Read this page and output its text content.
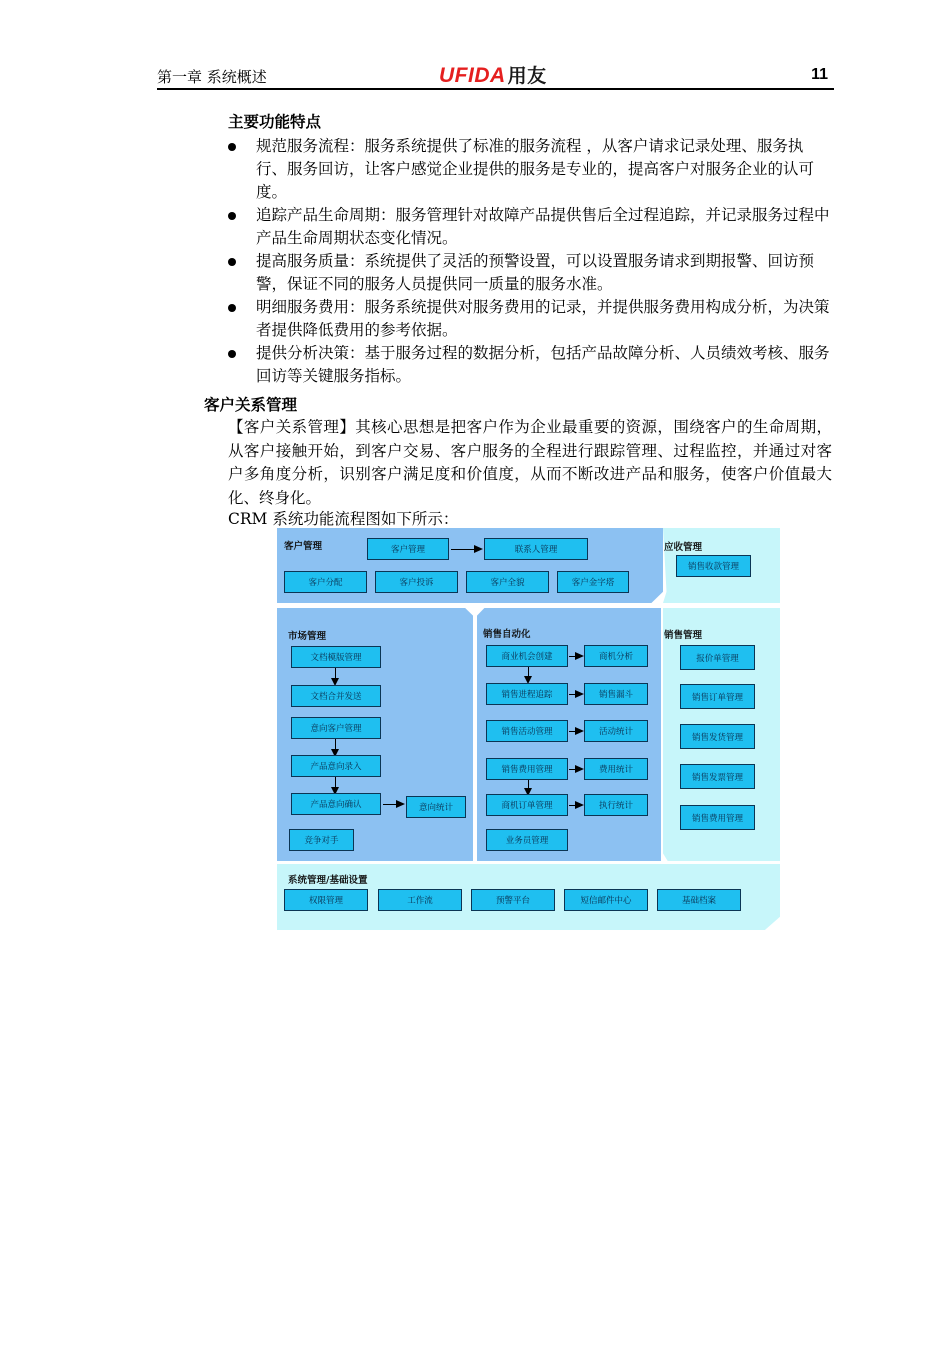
第一章 系统概述	UFIDA 用友	11
主要功能特点
规范服务流程：服务系统提供了标准的服务流程 ，从客户请求记录处理、服务执行、服务回访，让客户感觉企业提供的服务是专业的，提高客户对服务企业的认可度。
追踪产品生命周期：服务管理针对故障产品提供售后全过程追踪，并记录服务过程中产品生命周期状态变化情况。
提高服务质量：系统提供了灵活的预警设置，可以设置服务请求到期报警、回访预警，保证不同的服务人员提供同一质量的服务水准。
明细服务费用：服务系统提供对服务费用的记录，并提供服务费用构成分析，为决策者提供降低费用的参考依据。
提供分析决策：基于服务过程的数据分析，包括产品故障分析、人员绩效考核、服务回访等关键服务指标。
客户关系管理

【客户关系管理】其核心思想是把客户作为企业最重要的资源，围绕客户的生命周期，从客户接触开始，到客户交易、客户服务的全程进行跟踪管理、过程监控，并通过对客户多角度分析，识别客户满足度和价值度，从而不断改进产品和服务，使客户价值最大化、终身化。

CRM 系统功能流程图如下所示：
客户管理	应收管理
市场管理	销售自动化	销售管理
系统管理/基础设置
客户管理	联系人管理
客户分配	客户投诉	客户全貌	客户金字塔
销售收款管理
文档模版管理
文档合并发送
意向客户管理
产品意向录入
产品意向确认	意向统计
竞争对手
商业机会创建	商机分析
销售进程追踪	销售漏斗
销售活动管理	活动统计
销售费用管理	费用统计
商机订单管理	执行统计
业务员管理
报价单管理
销售订单管理
销售发货管理
销售发票管理
销售费用管理
权限管理	工作流	预警平台	短信邮件中心	基础档案
